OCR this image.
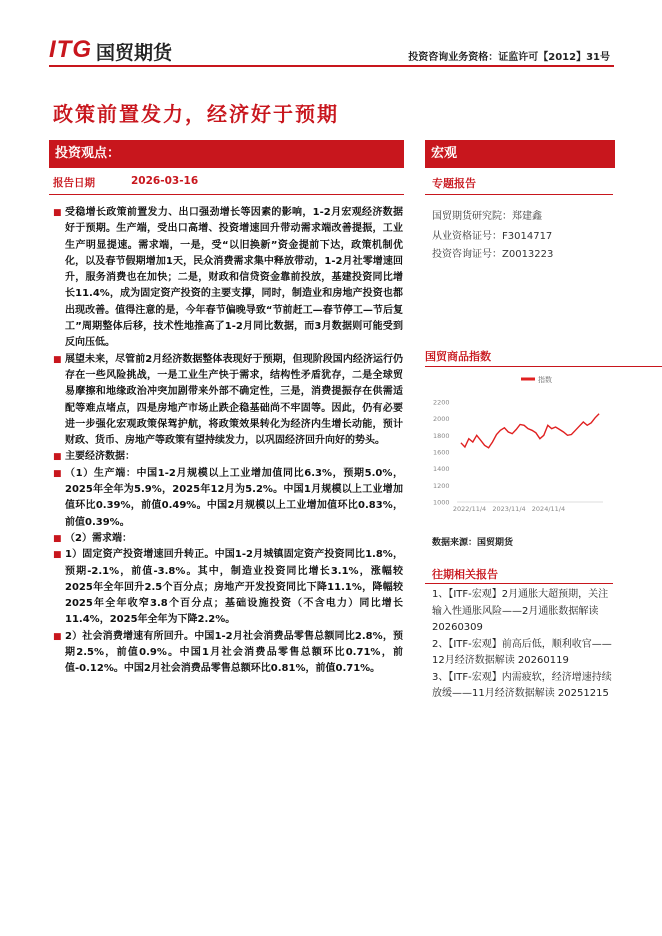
ITG 国贸期货	投资咨询业务资格：证监许可【2012】31号
政策前置发力，经济好于预期
投资观点：	宏观
报告日期	2026-03-16	专题报告
国贸期货研究院：郑建鑫
从业资格证号：F3014717
投资咨询证号：Z0013223

■ 受稳增长政策前置发力、出口强劲增长等因素的影响，1-2月宏观经济数据好于预期。生产端，受出口高增、投资增速回升带动需求端改善提振，工业生产明显提速。需求端，一是，受“以旧换新”资金提前下达，政策机制优化，以及春节假期增加1天，民众消费需求集中释放带动，1-2月社零增速回升，服务消费也在加快；二是，财政和信贷资金靠前投放，基建投资同比增长11.4%，成为固定资产投资的主要支撑，同时，制造业和房地产投资也都出现改善。值得注意的是，今年春节偏晚导致“节前赶工—春节停工—节后复工”周期整体后移，技术性地推高了1-2月同比数据，而3月数据则可能受到反向压低。

■ 展望未来，尽管前2月经济数据整体表现好于预期，但现阶段国内经济运行仍存在一些风险挑战，一是工业生产快于需求，结构性矛盾犹存，二是全球贸易摩擦和地缘政治冲突加剧带来外部不确定性，三是，消费提振存在供需适配等难点堵点，四是房地产市场止跌企稳基础尚不牢固等。因此，仍有必要进一步强化宏观政策保驾护航，将政策效果转化为经济内生增长动能，预计财政、货币、房地产等政策有望持续发力，以巩固经济回升向好的势头。

■ 主要经济数据：

■ （1）生产端：中国1-2月规模以上工业增加值同比6.3%，预期5.0%，2025年全年为5.9%，2025年12月为5.2%。中国1月规模以上工业增加值环比0.39%，前值0.49%。中国2月规模以上工业增加值环比0.83%，前值0.39%。

■ （2）需求端：

■ 1）固定资产投资增速回升转正。中国1-2月城镇固定资产投资同比1.8%，预期-2.1%，前值-3.8%。其中，制造业投资同比增长3.1%，涨幅较2025年全年回升2.5个百分点；房地产开发投资同比下降11.1%，降幅较2025年全年收窄3.8个百分点；基础设施投资（不含电力）同比增长11.4%，2025年全年为下降2.2%。

■ 2）社会消费增速有所回升。中国1-2月社会消费品零售总额同比2.8%，预期2.5%，前值0.9%。中国1月社会消费品零售总额环比0.71%，前值-0.12%。中国2月社会消费品零售总额环比0.81%，前值0.71%。

国贸商品指数
指数
2200
2000
1800
1600
1400
1200
1000
2022/11/4 2023/11/4 2024/11/4
数据来源：国贸期货
往期相关报告

1、【ITF-宏观】2月通胀大超预期，关注输入性通胀风险——2月通胀数据解读 20260309

2、【ITF-宏观】前高后低，顺利收官——12月经济数据解读 20260119

3、【ITF-宏观】内需疲软，经济增速持续放缓——11月经济数据解读 20251215
